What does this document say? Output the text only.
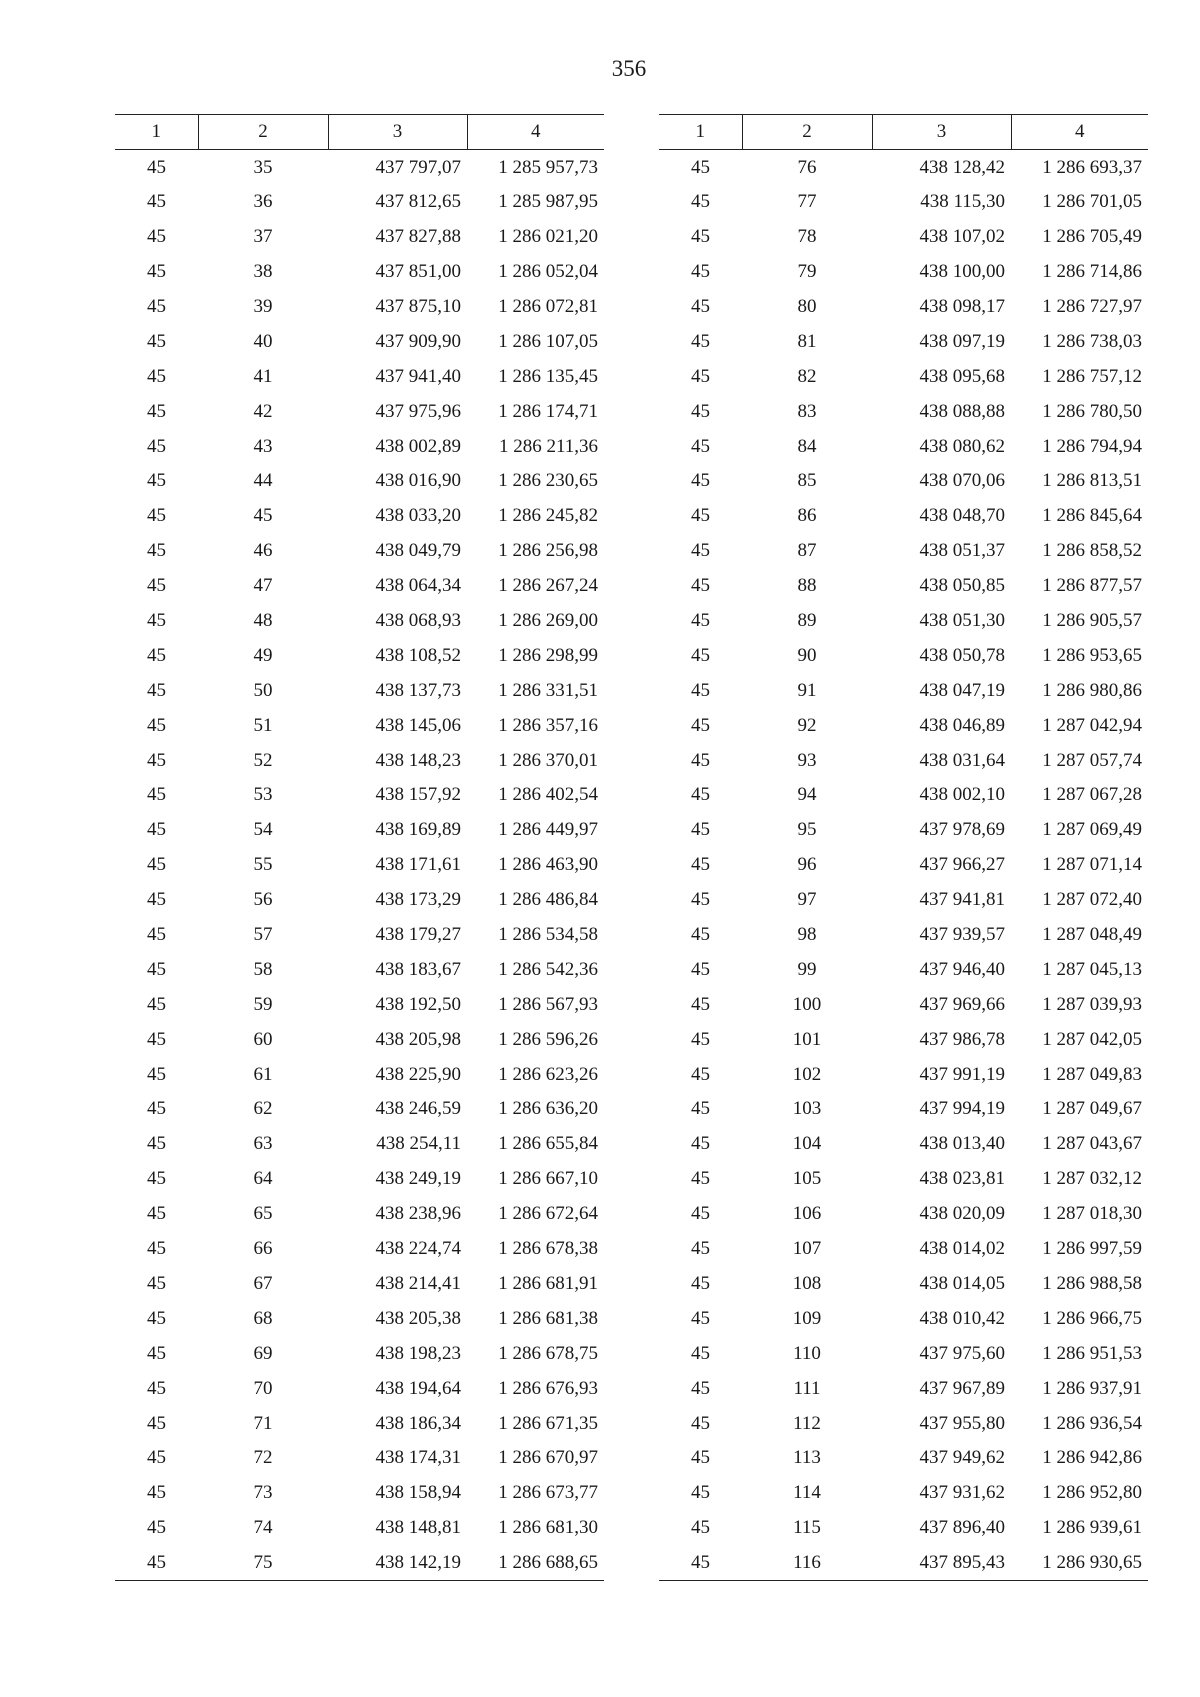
356
1	2	3	4
45	35	437 797,07	1 285 957,73
45	36	437 812,65	1 285 987,95
45	37	437 827,88	1 286 021,20
45	38	437 851,00	1 286 052,04
45	39	437 875,10	1 286 072,81
45	40	437 909,90	1 286 107,05
45	41	437 941,40	1 286 135,45
45	42	437 975,96	1 286 174,71
45	43	438 002,89	1 286 211,36
45	44	438 016,90	1 286 230,65
45	45	438 033,20	1 286 245,82
45	46	438 049,79	1 286 256,98
45	47	438 064,34	1 286 267,24
45	48	438 068,93	1 286 269,00
45	49	438 108,52	1 286 298,99
45	50	438 137,73	1 286 331,51
45	51	438 145,06	1 286 357,16
45	52	438 148,23	1 286 370,01
45	53	438 157,92	1 286 402,54
45	54	438 169,89	1 286 449,97
45	55	438 171,61	1 286 463,90
45	56	438 173,29	1 286 486,84
45	57	438 179,27	1 286 534,58
45	58	438 183,67	1 286 542,36
45	59	438 192,50	1 286 567,93
45	60	438 205,98	1 286 596,26
45	61	438 225,90	1 286 623,26
45	62	438 246,59	1 286 636,20
45	63	438 254,11	1 286 655,84
45	64	438 249,19	1 286 667,10
45	65	438 238,96	1 286 672,64
45	66	438 224,74	1 286 678,38
45	67	438 214,41	1 286 681,91
45	68	438 205,38	1 286 681,38
45	69	438 198,23	1 286 678,75
45	70	438 194,64	1 286 676,93
45	71	438 186,34	1 286 671,35
45	72	438 174,31	1 286 670,97
45	73	438 158,94	1 286 673,77
45	74	438 148,81	1 286 681,30
45	75	438 142,19	1 286 688,65
1	2	3	4
45	76	438 128,42	1 286 693,37
45	77	438 115,30	1 286 701,05
45	78	438 107,02	1 286 705,49
45	79	438 100,00	1 286 714,86
45	80	438 098,17	1 286 727,97
45	81	438 097,19	1 286 738,03
45	82	438 095,68	1 286 757,12
45	83	438 088,88	1 286 780,50
45	84	438 080,62	1 286 794,94
45	85	438 070,06	1 286 813,51
45	86	438 048,70	1 286 845,64
45	87	438 051,37	1 286 858,52
45	88	438 050,85	1 286 877,57
45	89	438 051,30	1 286 905,57
45	90	438 050,78	1 286 953,65
45	91	438 047,19	1 286 980,86
45	92	438 046,89	1 287 042,94
45	93	438 031,64	1 287 057,74
45	94	438 002,10	1 287 067,28
45	95	437 978,69	1 287 069,49
45	96	437 966,27	1 287 071,14
45	97	437 941,81	1 287 072,40
45	98	437 939,57	1 287 048,49
45	99	437 946,40	1 287 045,13
45	100	437 969,66	1 287 039,93
45	101	437 986,78	1 287 042,05
45	102	437 991,19	1 287 049,83
45	103	437 994,19	1 287 049,67
45	104	438 013,40	1 287 043,67
45	105	438 023,81	1 287 032,12
45	106	438 020,09	1 287 018,30
45	107	438 014,02	1 286 997,59
45	108	438 014,05	1 286 988,58
45	109	438 010,42	1 286 966,75
45	110	437 975,60	1 286 951,53
45	111	437 967,89	1 286 937,91
45	112	437 955,80	1 286 936,54
45	113	437 949,62	1 286 942,86
45	114	437 931,62	1 286 952,80
45	115	437 896,40	1 286 939,61
45	116	437 895,43	1 286 930,65
